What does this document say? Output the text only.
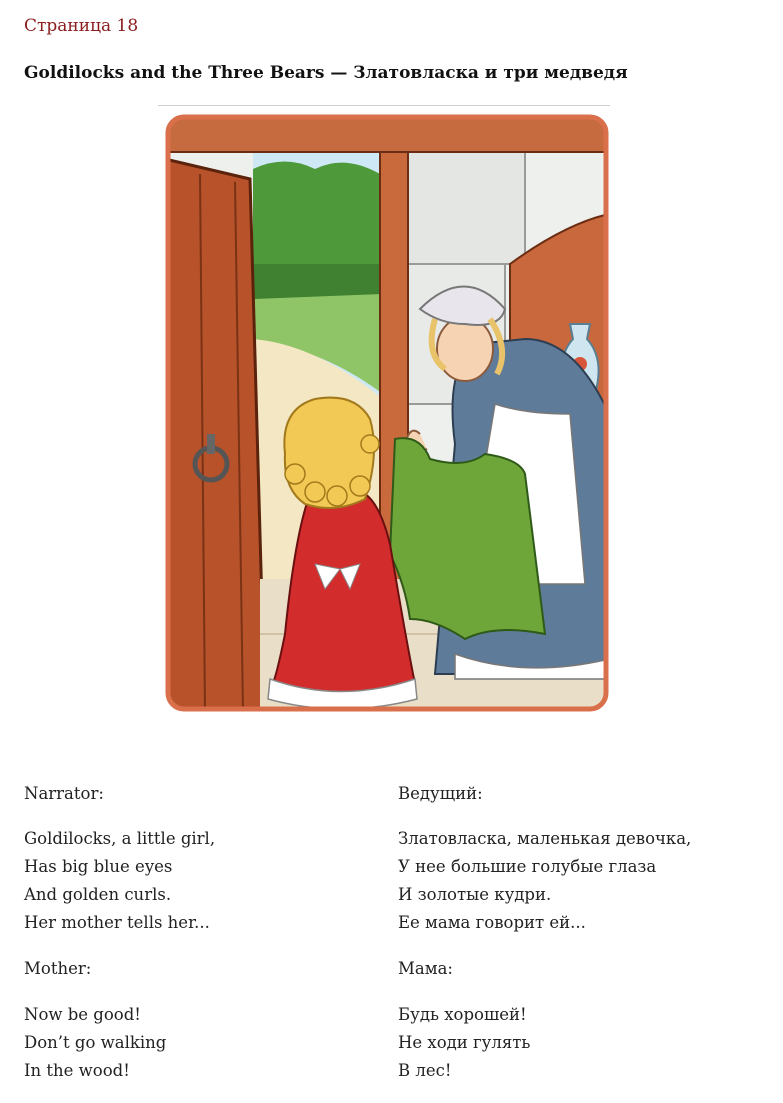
Страница 18
Goldilocks and the Three Bears — Златовласка и три медведя
Narrator:
Goldilocks, a little girl,
Has big blue eyes
And golden curls.
Her mother tells her...
Mother:
Now be good!
Don’t go walking
In the wood!
Ведущий:
Златовласка, маленькая девочка,
У нее большие голубые глаза
И золотые кудри.
Ее мама говорит ей...
Мама:
Будь хорошей!
Не ходи гулять
В лес!
